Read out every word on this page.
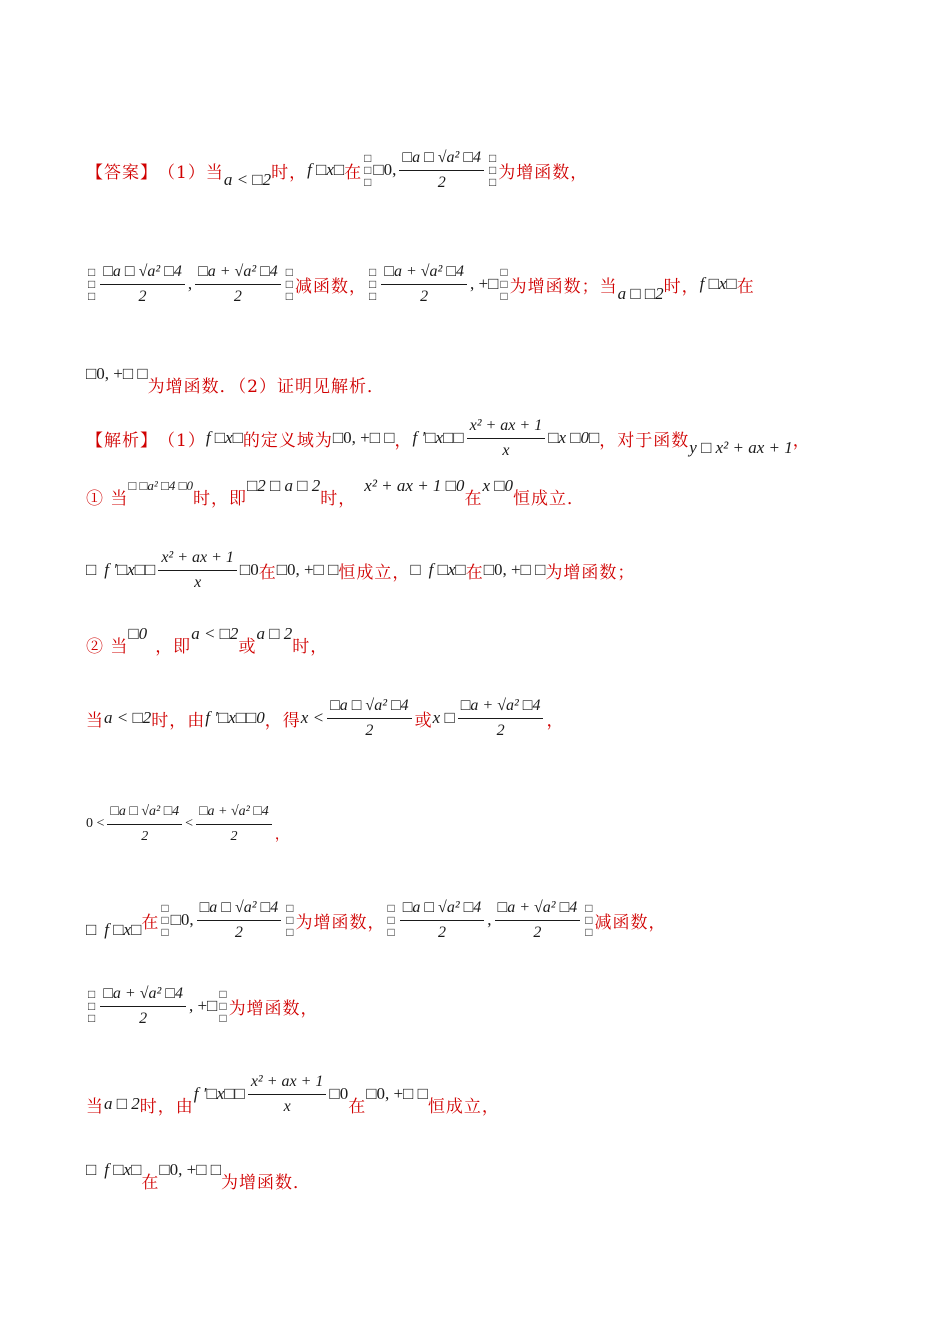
【答案】 （1）当 a < □2 时， f □x□ 在
□
□
□
□0, $\frac{\text{□a □ √a² □4}}{2}$ □
□
□ 为增函数，
□
□
□ $\frac{\text{□a □ √a² □4}}{2}$ , $\frac{\text{□a + √a² □4}}{2}$ □
□
□ 减函数，
□
□
□ $\frac{\text{□a + √a² □4}}{2}$ , +□
□
□
□ 为增函数；当 a □ □2 时， f □x□ 在
□0, +□ □
为增函数．（2）证明见解析．
【解析】 （1） f □x□ 的定义域为 □0, +□ □ ， f ′□x□□ $\frac{\text{x² + ax + 1}}{x}$ □x □0□ ，对于函数 y □ x² + ax + 1 ，
① 当
□ □a² □4 □0
时，即
□2 □ a □ 2
时，
x² + ax + 1 □0
在
x □0
恒成立．
□ f ′□x□□ $\frac{\text{x² + ax + 1}}{x}$ □0 在 □0, +□ □ 恒成立， □ f □x□ 在 □0, +□ □ 为增函数；
② 当
□0
，即
a < □2
或
a □ 2
时，
当 a < □2 时，由 f ′□x□□0 ，得 $x < \frac{\text{□a □ √a² □4}}{2}$ 或 x □ $\frac{\text{□a + √a² □4}}{2}$ ，
$0 < \frac{\text{□a □ √a² □4}}{2} < \frac{\text{□a + √a² □4}}{2}$ ，
□ f □x□ 在
□
□
□
□0, $\frac{\text{□a □ √a² □4}}{2}$ □
□
□ 为增函数，
□
□
□ $\frac{\text{□a □ √a² □4}}{2}$ , $\frac{\text{□a + √a² □4}}{2}$ □
□
□ 减函数，
□
□
□ $\frac{\text{□a + √a² □4}}{2}$ , +□
□
□
□ 为增函数，
当 a □ 2 时，由
f ′□x□□ $\frac{\text{x² + ax + 1}}{x}$ □0
在
□0, +□ □
恒成立，
□ f □x□
在
□0, +□ □
为增函数．
